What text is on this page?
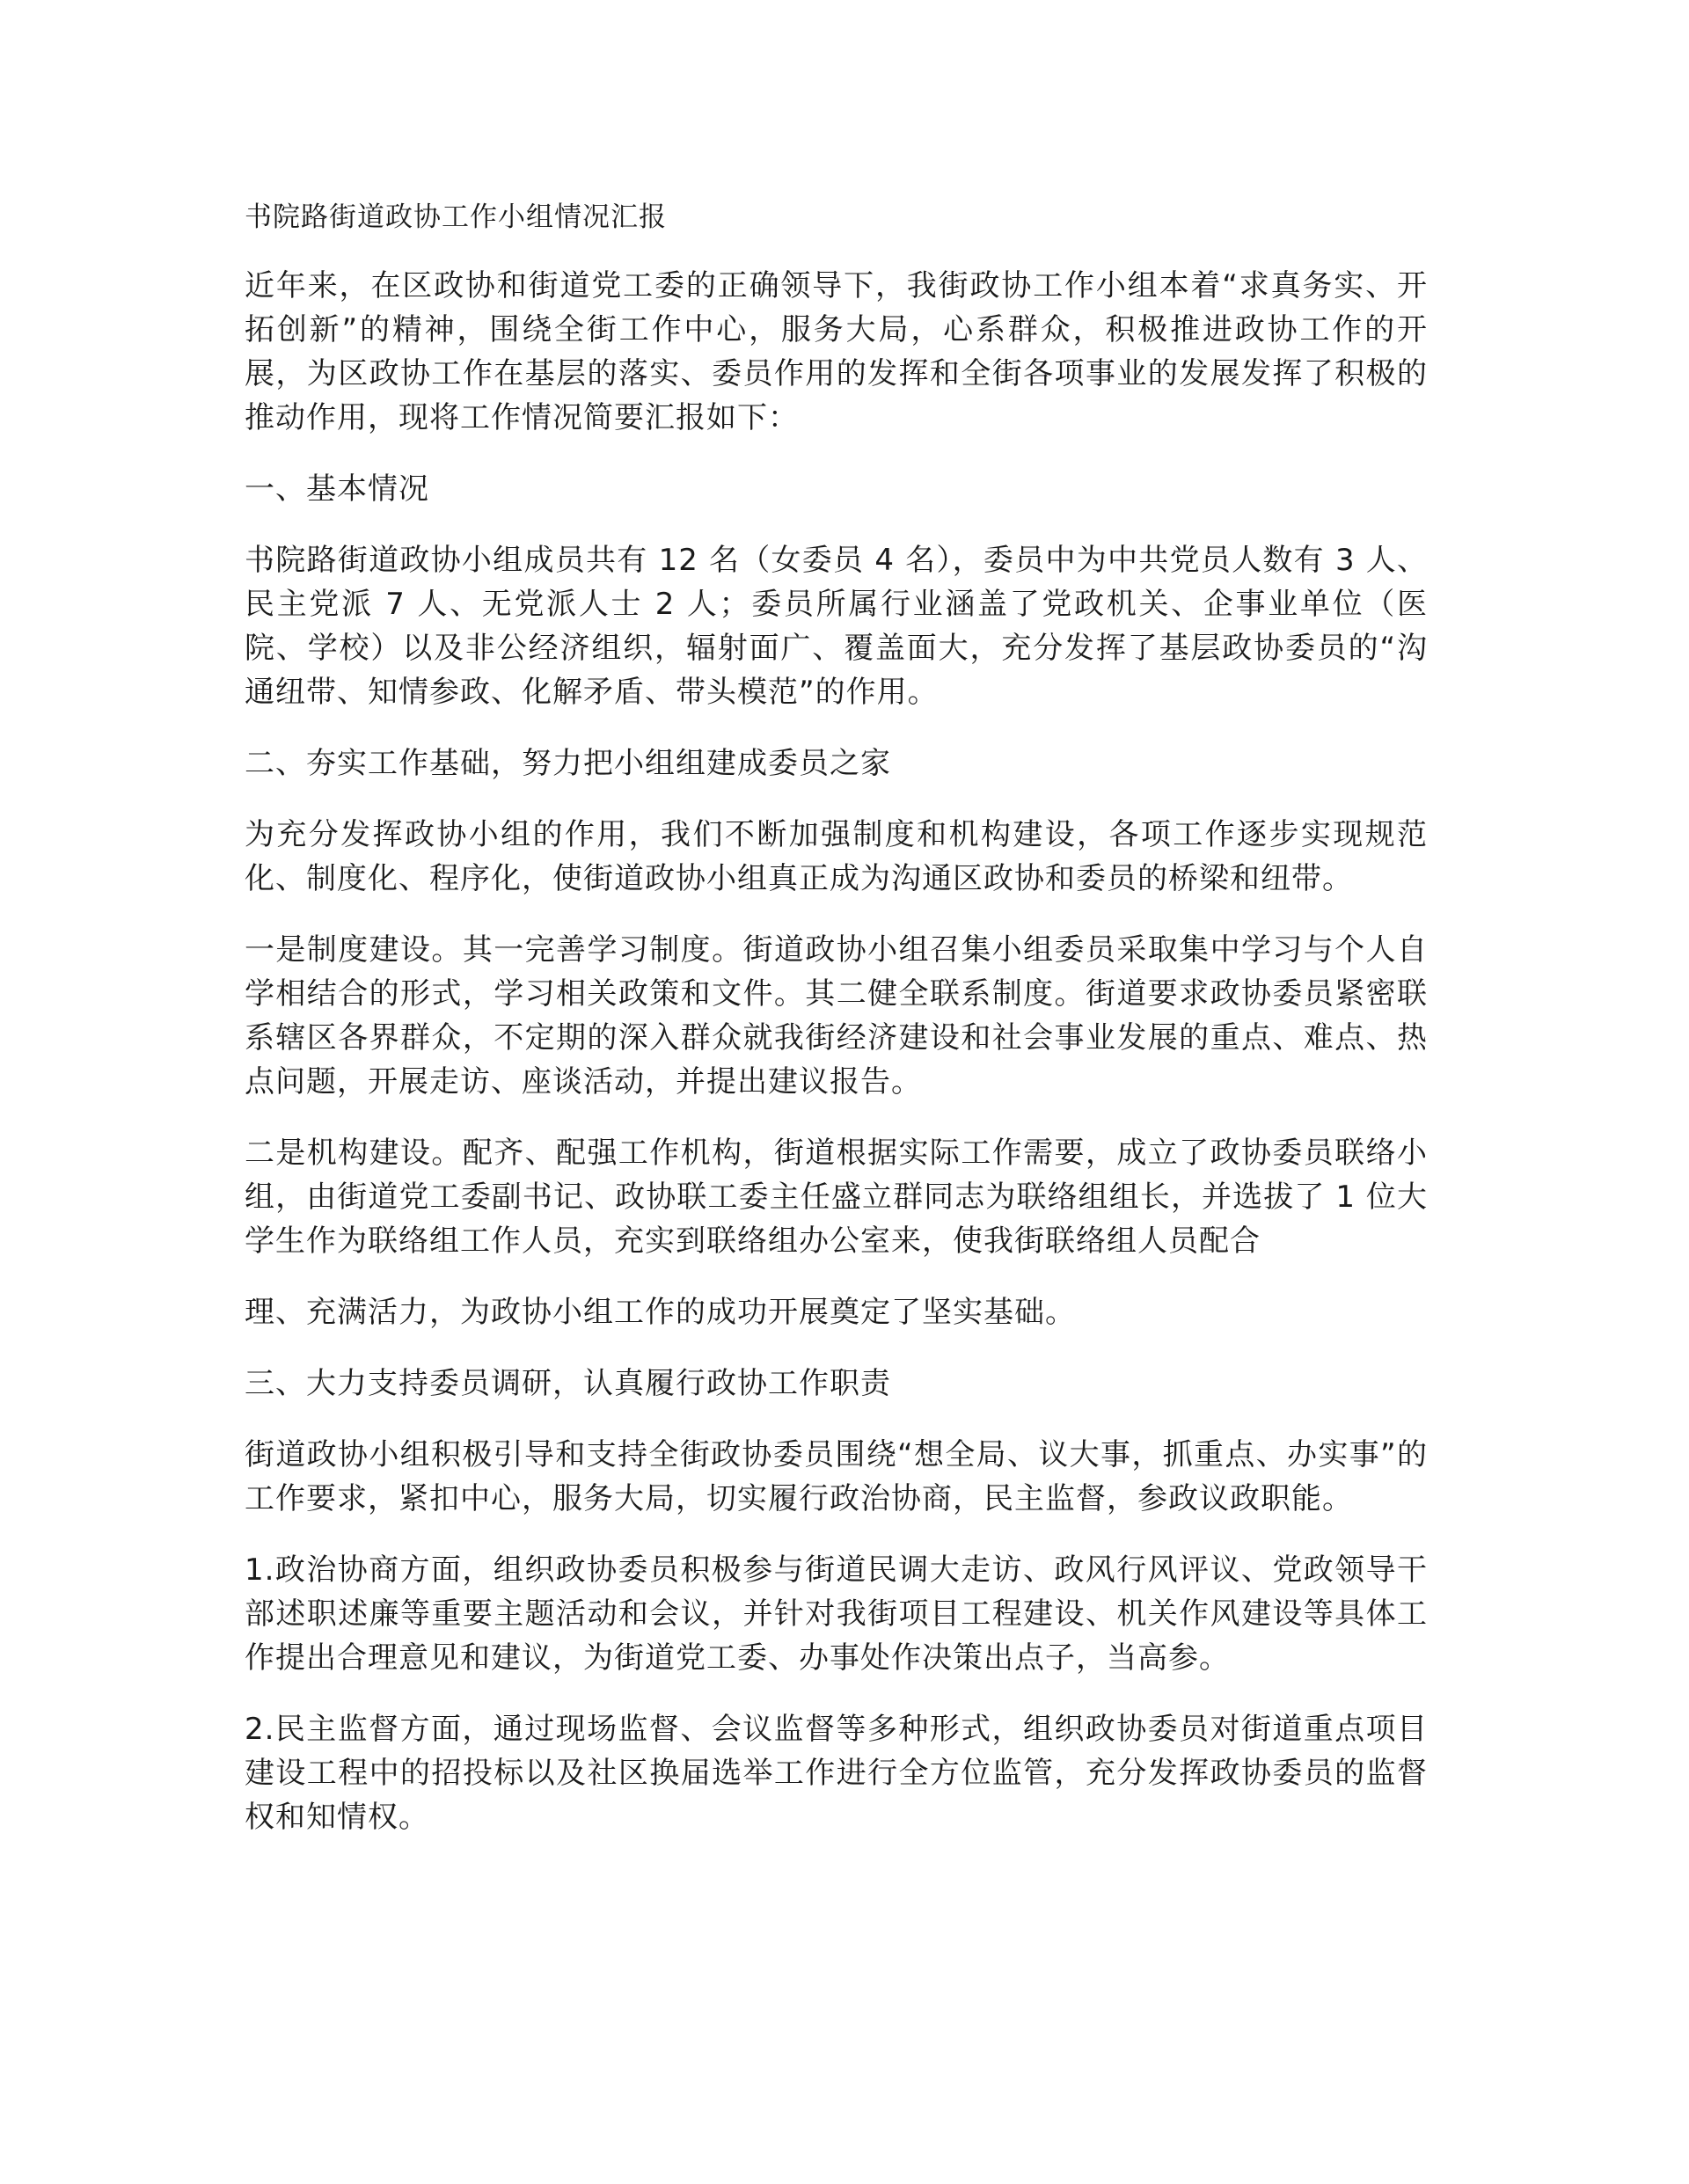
书院路街道政协工作小组情况汇报

近年来，在区政协和街道党工委的正确领导下，我街政协工作小组本着“求真务实、开拓创新”的精神，围绕全街工作中心，服务大局，心系群众，积极推进政协工作的开展，为区政协工作在基层的落实、委员作用的发挥和全街各项事业的发展发挥了积极的推动作用，现将工作情况简要汇报如下：

一、基本情况

书院路街道政协小组成员共有 12 名（女委员 4 名），委员中为中共党员人数有 3 人、民主党派 7 人、无党派人士 2 人；委员所属行业涵盖了党政机关、企事业单位（医院、学校）以及非公经济组织，辐射面广、覆盖面大，充分发挥了基层政协委员的“沟通纽带、知情参政、化解矛盾、带头模范”的作用。

二、夯实工作基础，努力把小组组建成委员之家

为充分发挥政协小组的作用，我们不断加强制度和机构建设，各项工作逐步实现规范化、制度化、程序化，使街道政协小组真正成为沟通区政协和委员的桥梁和纽带。

一是制度建设。其一完善学习制度。街道政协小组召集小组委员采取集中学习与个人自学相结合的形式，学习相关政策和文件。其二健全联系制度。街道要求政协委员紧密联系辖区各界群众，不定期的深入群众就我街经济建设和社会事业发展的重点、难点、热点问题，开展走访、座谈活动，并提出建议报告。

二是机构建设。配齐、配强工作机构，街道根据实际工作需要，成立了政协委员联络小组，由街道党工委副书记、政协联工委主任盛立群同志为联络组组长，并选拔了 1 位大学生作为联络组工作人员，充实到联络组办公室来，使我街联络组人员配合

理、充满活力，为政协小组工作的成功开展奠定了坚实基础。

三、大力支持委员调研，认真履行政协工作职责

街道政协小组积极引导和支持全街政协委员围绕“想全局、议大事，抓重点、办实事”的工作要求，紧扣中心，服务大局，切实履行政治协商，民主监督，参政议政职能。

1.政治协商方面，组织政协委员积极参与街道民调大走访、政风行风评议、党政领导干部述职述廉等重要主题活动和会议，并针对我街项目工程建设、机关作风建设等具体工作提出合理意见和建议，为街道党工委、办事处作决策出点子，当高参。

2.民主监督方面，通过现场监督、会议监督等多种形式，组织政协委员对街道重点项目建设工程中的招投标以及社区换届选举工作进行全方位监管，充分发挥政协委员的监督权和知情权。
